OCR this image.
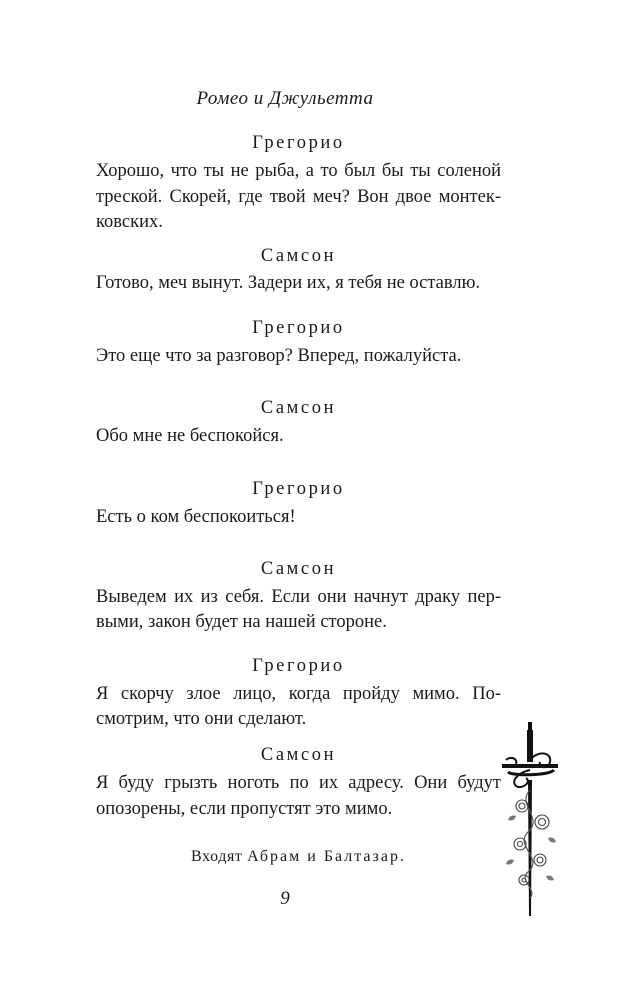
Ромео и Джульетта
Грегорио
Хорошо, что ты не рыба, а то был бы ты соленой
треской. Скорей, где твой меч? Вон двое монтек-
ковских.
Самсон
Готово, меч вынут. Задери их, я тебя не оставлю.
Грегорио
Это еще что за разговор? Вперед, пожалуйста.
Самсон
Обо мне не беспокойся.
Грегорио
Есть о ком беспокоиться!
Самсон
Выведем их из себя. Если они начнут драку пер-
выми, закон будет на нашей стороне.
Грегорио
Я скорчу злое лицо, когда пройду мимо. По-
смотрим, что они сделают.
Самсон
Я буду грызть ноготь по их адресу. Они будут
опозорены, если пропустят это мимо.
Входят Абрам и Балтазар.
9
